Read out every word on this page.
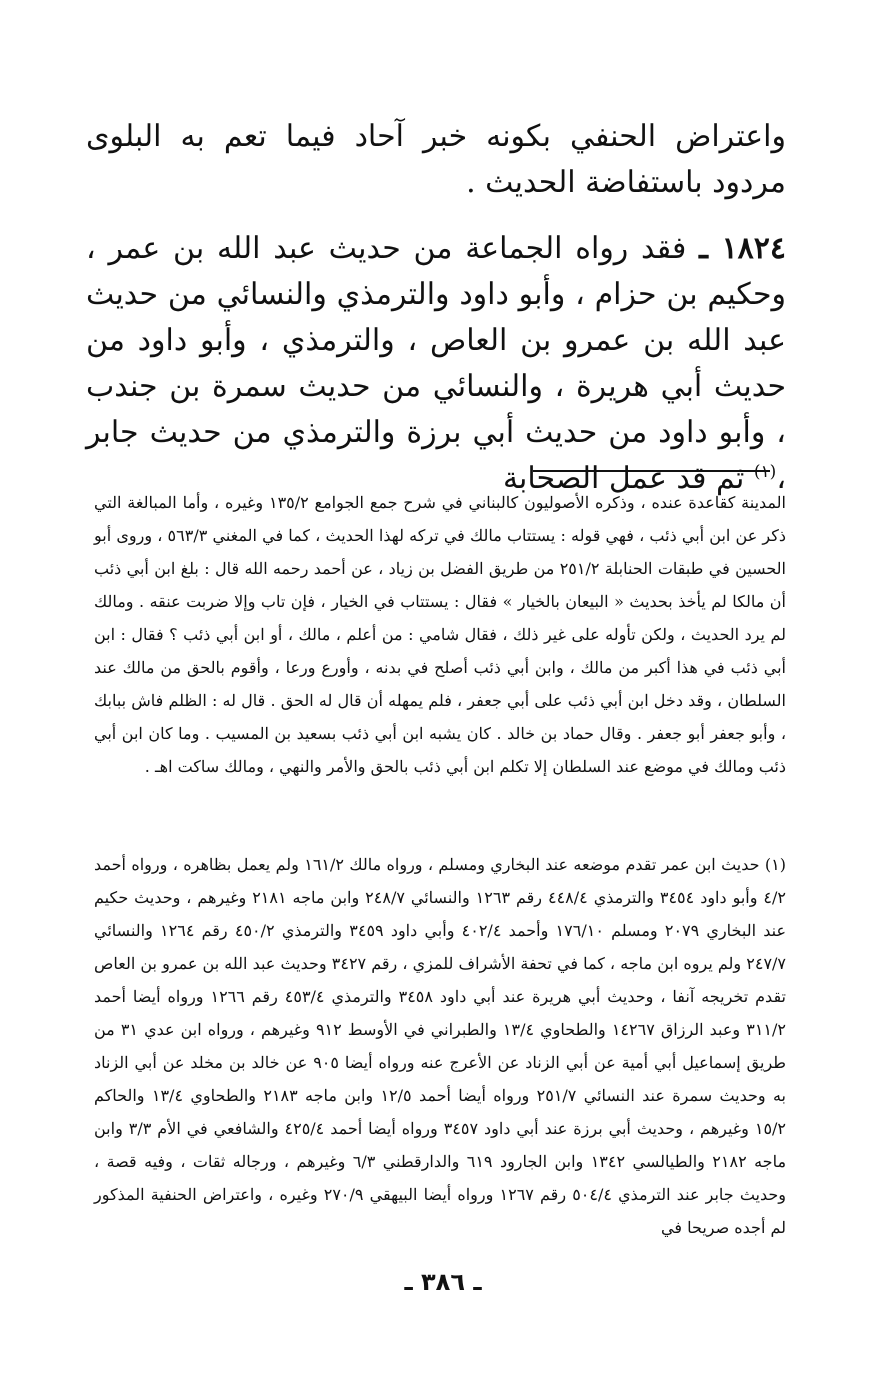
واعتراض الحنفي بكونه خبر آحاد فيما تعم به البلوى مردود باستفاضة الحديث .

١٨٢٤ ـ فقد رواه الجماعة من حديث عبد الله بن عمر ، وحكيم بن حزام ، وأبو داود والترمذي والنسائي من حديث عبد الله بن عمرو بن العاص ، والترمذي ، وأبو داود من حديث أبي هريرة ، والنسائي من حديث سمرة بن جندب ، وأبو داود من حديث أبي برزة والترمذي من حديث جابر ،$^{(١)}$ ثم قد عمل الصحابة

المدينة كقاعدة عنده ، وذكره الأصوليون كالبناني في شرح جمع الجوامع ١٣٥/٢ وغيره ، وأما المبالغة التي ذكر عن ابن أبي ذئب ، فهي قوله : يستتاب مالك في تركه لهذا الحديث ، كما في المغني ٥٦٣/٣ ، وروى أبو الحسين في طبقات الحنابلة ٢٥١/٢ من طريق الفضل بن زياد ، عن أحمد رحمه الله قال : بلغ ابن أبي ذئب أن مالكا لم يأخذ بحديث « البيعان بالخيار » فقال : يستتاب في الخيار ، فإن تاب وإلا ضربت عنقه . ومالك لم يرد الحديث ، ولكن تأوله على غير ذلك ، فقال شامي : من أعلم ، مالك ، أو ابن أبي ذئب ؟ فقال : ابن أبي ذئب في هذا أكبر من مالك ، وابن أبي ذئب أصلح في بدنه ، وأورع ورعا ، وأقوم بالحق من مالك عند السلطان ، وقد دخل ابن أبي ذئب على أبي جعفر ، فلم يمهله أن قال له الحق . قال له : الظلم فاش ببابك ، وأبو جعفر أبو جعفر . وقال حماد بن خالد . كان يشبه ابن أبي ذئب بسعيد بن المسيب . وما كان ابن أبي ذئب ومالك في موضع عند السلطان إلا تكلم ابن أبي ذئب بالحق والأمر والنهي ، ومالك ساكت اهـ .

(١) حديث ابن عمر تقدم موضعه عند البخاري ومسلم ، ورواه مالك ١٦١/٢ ولم يعمل بظاهره ، ورواه أحمد ٤/٢ وأبو داود ٣٤٥٤ والترمذي ٤٤٨/٤ رقم ١٢٦٣ والنسائي ٢٤٨/٧ وابن ماجه ٢١٨١ وغيرهم ، وحديث حكيم عند البخاري ٢٠٧٩ ومسلم ١٧٦/١٠ وأحمد ٤٠٢/٤ وأبي داود ٣٤٥٩ والترمذي ٤٥٠/٢ رقم ١٢٦٤ والنسائي ٢٤٧/٧ ولم يروه ابن ماجه ، كما في تحفة الأشراف للمزي ، رقم ٣٤٢٧ وحديث عبد الله بن عمرو بن العاص تقدم تخريجه آنفا ، وحديث أبي هريرة عند أبي داود ٣٤٥٨ والترمذي ٤٥٣/٤ رقم ١٢٦٦ ورواه أيضا أحمد ٣١١/٢ وعبد الرزاق ١٤٢٦٧ والطحاوي ١٣/٤ والطبراني في الأوسط ٩١٢ وغيرهم ، ورواه ابن عدي ٣١ من طريق إسماعيل أبي أمية عن أبي الزناد عن الأعرج عنه ورواه أيضا ٩٠٥ عن خالد بن مخلد عن أبي الزناد به وحديث سمرة عند النسائي ٢٥١/٧ ورواه أيضا أحمد ١٢/٥ وابن ماجه ٢١٨٣ والطحاوي ١٣/٤ والحاكم ١٥/٢ وغيرهم ، وحديث أبي برزة عند أبي داود ٣٤٥٧ ورواه أيضا أحمد ٤٢٥/٤ والشافعي في الأم ٣/٣ وابن ماجه ٢١٨٢ والطيالسي ١٣٤٢ وابن الجارود ٦١٩ والدارقطني ٦/٣ وغيرهم ، ورجاله ثقات ، وفيه قصة ، وحديث جابر عند الترمذي ٥٠٤/٤ رقم ١٢٦٧ ورواه أيضا البيهقي ٢٧٠/٩ وغيره ، واعتراض الحنفية المذكور لم أجده صريحا في

ـ ٣٨٦ ـ
